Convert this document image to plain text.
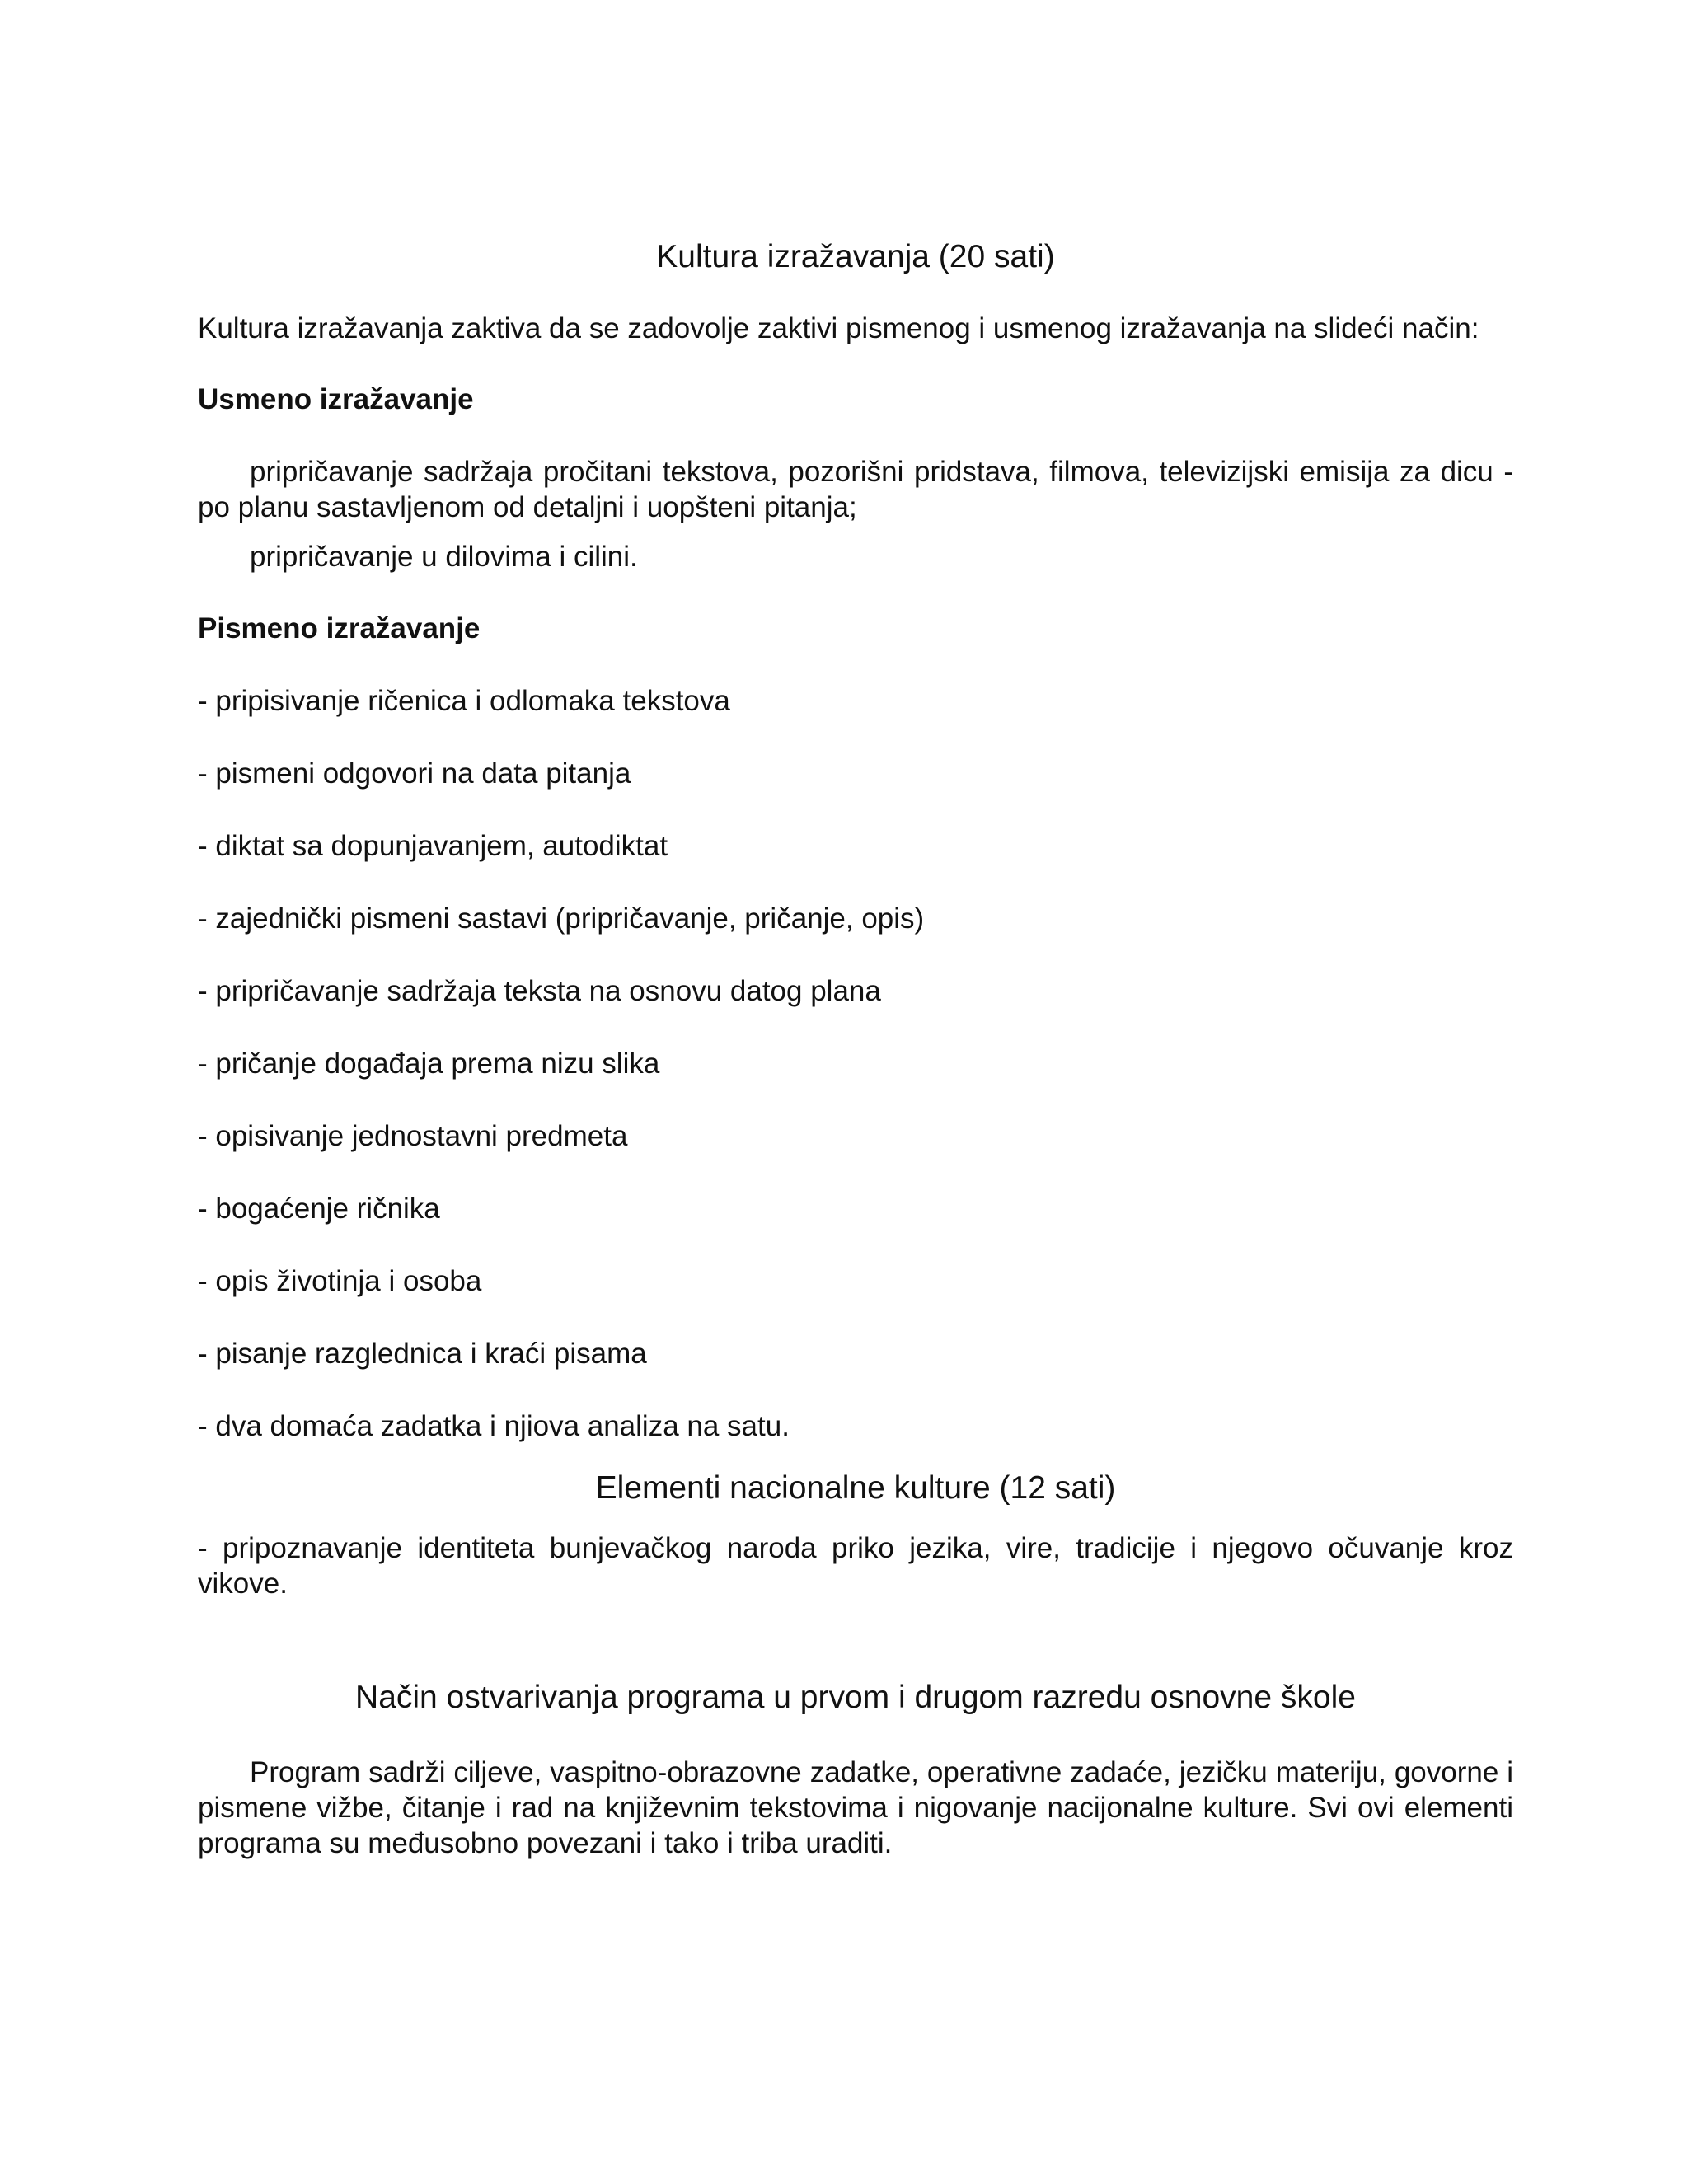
Kultura izražavanja (20 sati)

Kultura izražavanja zaktiva da se zadovolje zaktivi pismenog i usmenog izražavanja na slideći način:

Usmeno izražavanje

pripričavanje sadržaja pročitani tekstova, pozorišni pridstava, filmova, televizijski emisija za dicu - po planu sastavljenom od detaljni i uopšteni pitanja;

pripričavanje u dilovima i cilini.

Pismeno izražavanje

- pripisivanje ričenica i odlomaka tekstova

- pismeni odgovori na data pitanja

- diktat sa dopunjavanjem, autodiktat

- zajednički pismeni sastavi (pripričavanje, pričanje, opis)

- pripričavanje sadržaja teksta na osnovu datog plana

- pričanje događaja prema nizu slika

- opisivanje jednostavni predmeta

- bogaćenje ričnika

- opis životinja i osoba

- pisanje razglednica i kraći pisama

- dva domaća zadatka i njiova analiza na satu.

Elementi nacionalne kulture (12 sati)

- pripoznavanje identiteta bunjevačkog naroda priko jezika, vire, tradicije i njegovo očuvanje kroz vikove.

Način ostvarivanja programa u prvom i drugom razredu osnovne škole

Program sadrži ciljeve, vaspitno-obrazovne zadatke, operativne zadaće, jezičku materiju, govorne i pismene vižbe, čitanje i rad na književnim tekstovima i nigovanje nacijonalne kulture. Svi ovi elementi programa su međusobno povezani i tako i triba uraditi.
